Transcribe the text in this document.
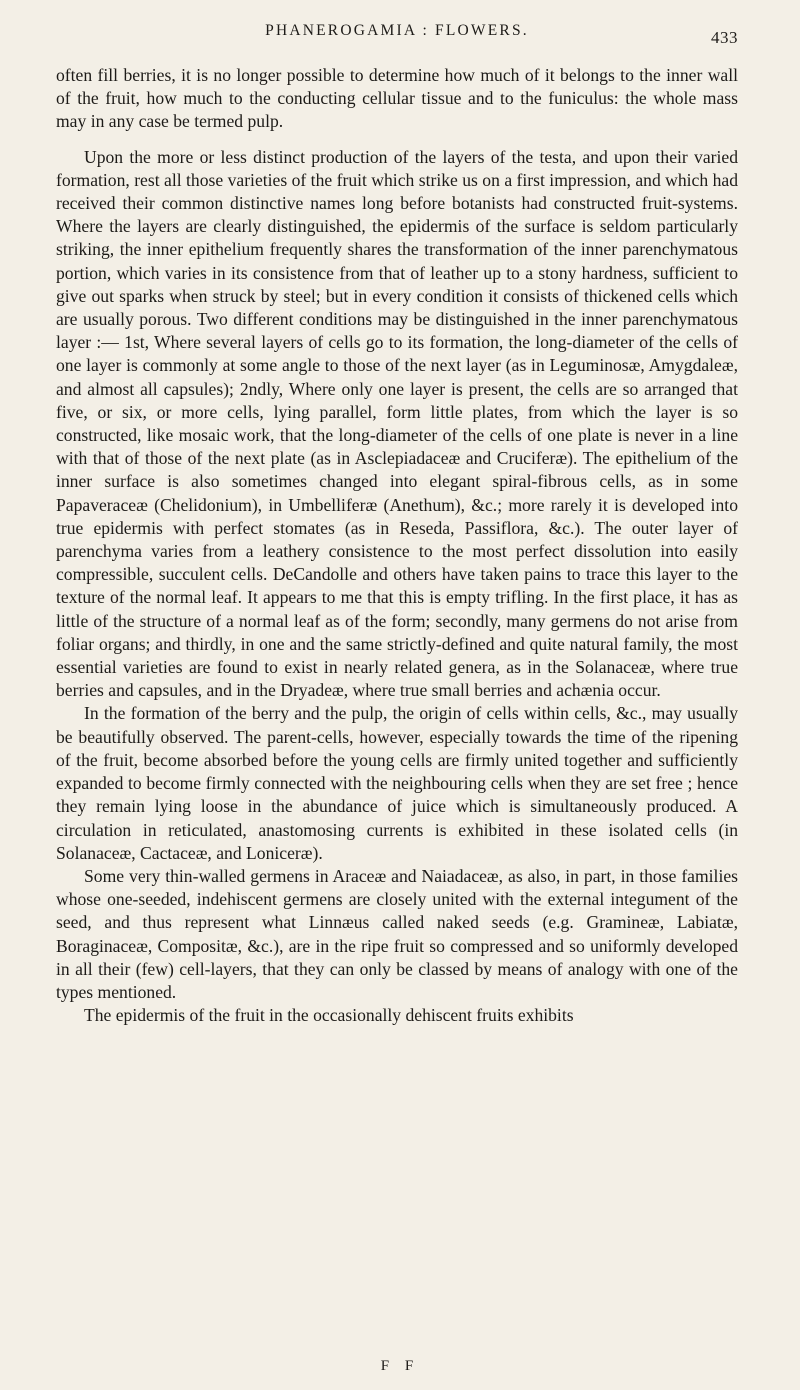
PHANEROGAMIA : FLOWERS.	433

often fill berries, it is no longer possible to determine how much of it belongs to the inner wall of the fruit, how much to the conducting cellular tissue and to the funiculus: the whole mass may in any case be termed pulp.

Upon the more or less distinct production of the layers of the testa, and upon their varied formation, rest all those varieties of the fruit which strike us on a first impression, and which had received their common distinctive names long before botanists had constructed fruit-systems. Where the layers are clearly distinguished, the epidermis of the surface is seldom particularly striking, the inner epithelium frequently shares the transformation of the inner parenchymatous portion, which varies in its consistence from that of leather up to a stony hardness, sufficient to give out sparks when struck by steel; but in every condition it consists of thickened cells which are usually porous. Two different conditions may be distinguished in the inner parenchymatous layer :— 1st, Where several layers of cells go to its formation, the long-diameter of the cells of one layer is commonly at some angle to those of the next layer (as in Leguminosæ, Amygdaleæ, and almost all capsules); 2ndly, Where only one layer is present, the cells are so arranged that five, or six, or more cells, lying parallel, form little plates, from which the layer is so constructed, like mosaic work, that the long-diameter of the cells of one plate is never in a line with that of those of the next plate (as in Asclepiadaceæ and Cruciferæ). The epithelium of the inner surface is also sometimes changed into elegant spiral-fibrous cells, as in some Papaveraceæ (Chelidonium), in Umbelliferæ (Anethum), &c.; more rarely it is developed into true epidermis with perfect stomates (as in Reseda, Passiflora, &c.). The outer layer of parenchyma varies from a leathery consistence to the most perfect dissolution into easily compressible, succulent cells. DeCandolle and others have taken pains to trace this layer to the texture of the normal leaf. It appears to me that this is empty trifling. In the first place, it has as little of the structure of a normal leaf as of the form; secondly, many germens do not arise from foliar organs; and thirdly, in one and the same strictly-defined and quite natural family, the most essential varieties are found to exist in nearly related genera, as in the Solanaceæ, where true berries and capsules, and in the Dryadeæ, where true small berries and achænia occur.

In the formation of the berry and the pulp, the origin of cells within cells, &c., may usually be beautifully observed. The parent-cells, however, especially towards the time of the ripening of the fruit, become absorbed before the young cells are firmly united together and sufficiently expanded to become firmly connected with the neighbouring cells when they are set free ; hence they remain lying loose in the abundance of juice which is simultaneously produced. A circulation in reticulated, anastomosing currents is exhibited in these isolated cells (in Solanaceæ, Cactaceæ, and Loniceræ).

Some very thin-walled germens in Araceæ and Naiadaceæ, as also, in part, in those families whose one-seeded, indehiscent germens are closely united with the external integument of the seed, and thus represent what Linnæus called naked seeds (e.g. Gramineæ, Labiatæ, Boraginaceæ, Compositæ, &c.), are in the ripe fruit so compressed and so uniformly developed in all their (few) cell-layers, that they can only be classed by means of analogy with one of the types mentioned.

The epidermis of the fruit in the occasionally dehiscent fruits exhibits

F F
